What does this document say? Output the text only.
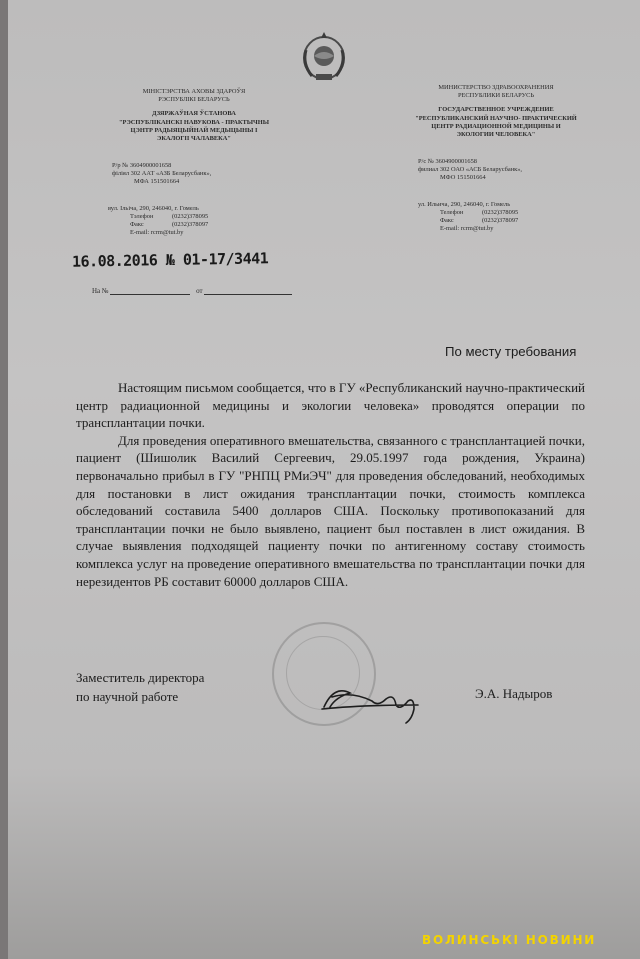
МІНІСТЭРСТВА АХОВЫ ЗДАРОЎЯ
РЭСПУБЛІКІ БЕЛАРУСЬ
ДЗЯРЖАЎНАЯ ЎСТАНОВА
"РЭСПУБЛІКАНСКІ НАВУКОВА - ПРАКТЫЧНЫ
ЦЭНТР РАДЫЯЦЫЙНАЙ МЕДЫЦЫНЫ І
ЭКАЛОГІІ ЧАЛАВЕКА"
МИНИСТЕРСТВО ЗДРАВООХРАНЕНИЯ
РЕСПУБЛИКИ БЕЛАРУСЬ
ГОСУДАРСТВЕННОЕ УЧРЕЖДЕНИЕ
"РЕСПУБЛИКАНСКИЙ НАУЧНО- ПРАКТИЧЕСКИЙ
ЦЕНТР РАДИАЦИОННОЙ МЕДИЦИНЫ И
ЭКОЛОГИИ ЧЕЛОВЕКА"
Р/р № 3604900001658
філіял 302 ААТ «АЗБ Беларусбанк»,
МФА 151501664
Р/с № 3604900001658
филиал 302 ОАО «АСБ Беларусбанк»,
МФО 151501664
вул. Ільіча, 290, 246040, г. Гомель
Тэлефон	(0232)378095
Факс	(0232)378097
E-mail: rcrm@tut.by
ул. Ильича, 290, 246040, г. Гомель
Телефон	(0232)378095
Факс	(0232)378097
E-mail: rcrm@tut.by
16.08.2016 № 01-17/3441
На №	от
По месту требования

Настоящим письмом сообщается, что в ГУ «Республиканский научно-практический центр радиационной медицины и экологии человека» проводятся операции по трансплантации почки.

Для проведения оперативного вмешательства, связанного с трансплантацией почки, пациент (Шишолик Василий Сергеевич, 29.05.1997 года рождения, Украина) первоначально прибыл в ГУ "РНПЦ РМиЭЧ" для проведения обследований, необходимых для постановки в лист ожидания трансплантации почки, стоимость комплекса обследований составила 5400 долларов США. Поскольку противопоказаний для трансплантации почки не было выявлено, пациент был поставлен в лист ожидания. В случае выявления подходящей пациенту почки по антигенному составу стоимость комплекса услуг на проведение оперативного вмешательства по трансплантации почки для нерезидентов РБ составит 60000 долларов США.

Заместитель директора
по научной работе	Э.А. Надыров
ВОЛИНСЬКІ НОВИНИ
